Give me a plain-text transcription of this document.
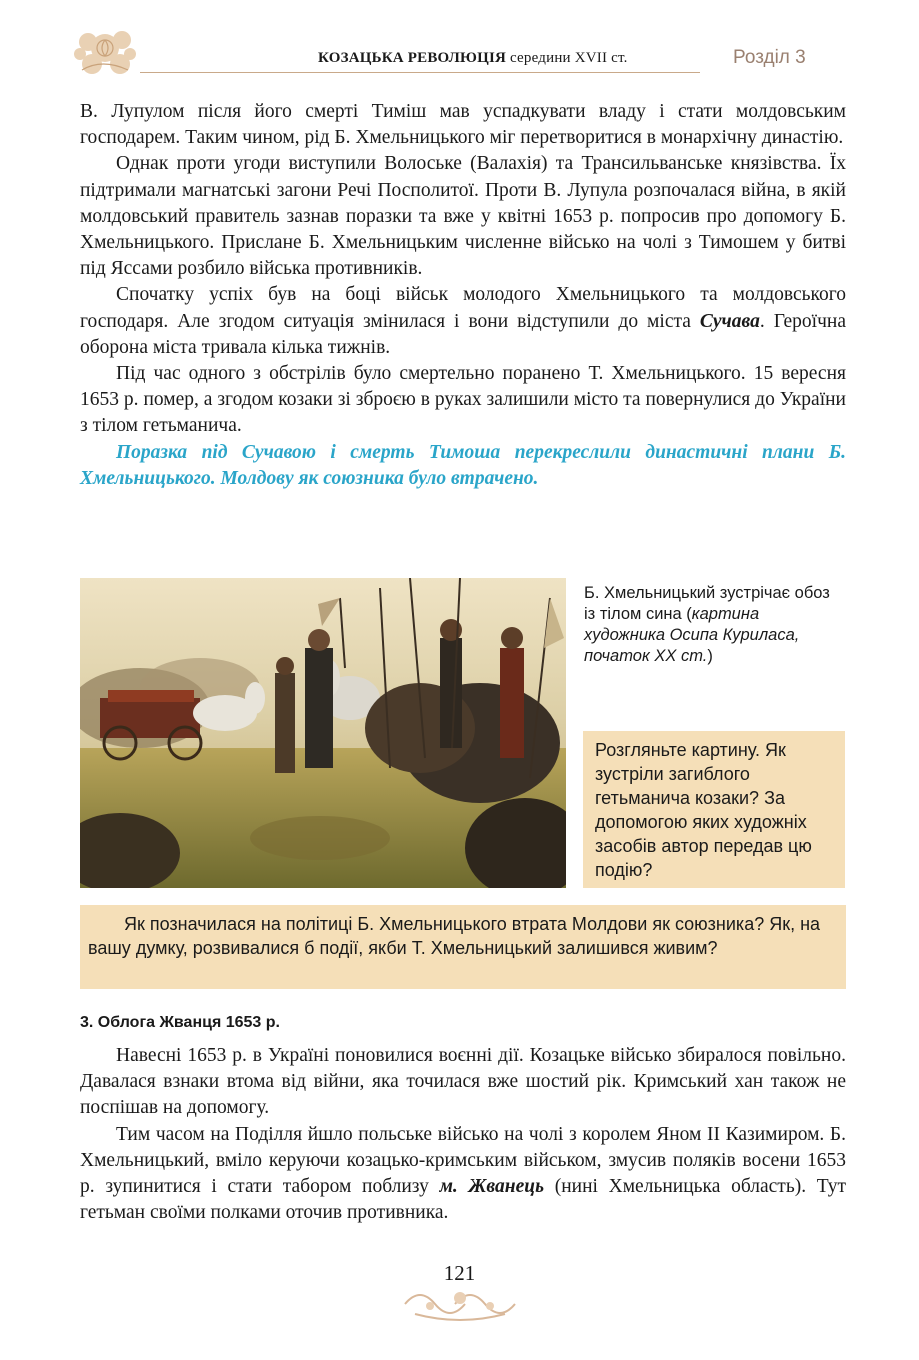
КОЗАЦЬКА РЕВОЛЮЦІЯ середини XVII ст.	Розділ 3

В. Лупулом після його смерті Тиміш мав успадкувати владу і стати молдовським господарем. Таким чином, рід Б. Хмельницького міг перетворитися в монархічну династію.

Однак проти угоди виступили Волоське (Валахія) та Трансильванське князівства. Їх підтримали магнатські загони Речі Посполитої. Проти В. Лупула розпочалася війна, в якій молдовський правитель зазнав поразки та вже у квітні 1653 р. попросив про допомогу Б. Хмельницького. Прислане Б. Хмельницьким численне військо на чолі з Тимошем у битві під Яссами розбило війська противників.

Спочатку успіх був на боці військ молодого Хмельницького та молдовського господаря. Але згодом ситуація змінилася і вони відступили до міста Сучава. Героїчна оборона міста тривала кілька тижнів.

Під час одного з обстрілів було смертельно поранено Т. Хмельницького. 15 вересня 1653 р. помер, а згодом козаки зі зброєю в руках залишили місто та повернулися до України з тілом гетьманича.

Поразка під Сучавою і смерть Тимоша перекреслили династичні плани Б. Хмельницького. Молдову як союзника було втрачено.

Б. Хмельницький зустрічає обоз із тілом сина (картина художника Осипа Куриласа, початок XX ст.)
Розгляньте картину. Як зустріли загиблого гетьманича козаки? За допомогою яких художніх засобів автор передав цю подію?
Як позначилася на політиці Б. Хмельницького втрата Молдови як союзника? Як, на вашу думку, розвивалися б події, якби Т. Хмельницький залишився живим?
3. Облога Жванця 1653 р.

Навесні 1653 р. в Україні поновилися воєнні дії. Козацьке військо збиралося повільно. Давалася взнаки втома від війни, яка точилася вже шостий рік. Кримський хан також не поспішав на допомогу.

Тим часом на Поділля йшло польське військо на чолі з королем Яном ІІ Казимиром. Б. Хмельницький, вміло керуючи козацько-кримським військом, змусив поляків восени 1653 р. зупинитися і стати табором поблизу м. Жванець (нині Хмельницька область). Тут гетьман своїми полками оточив противника.

121
